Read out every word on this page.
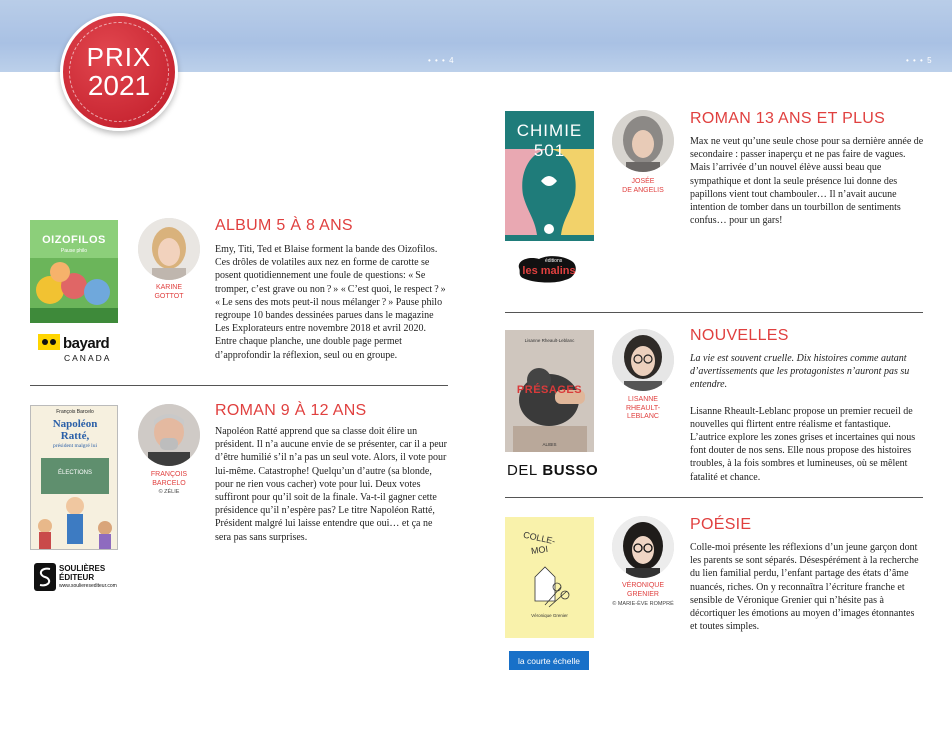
• • • 4	• • • 5
PRIX
2021
OIZOFILOS
Pause philo
bayard
CANADA
KARINE
GOTTOT
ALBUM 5 À 8 ANS

Emy, Titi, Ted et Blaise forment la bande des Oizofilos. Ces drôles de volatiles aux nez en forme de carotte se posent quotidiennement une foule de questions: « Se tromper, c’est grave ou non ? » « C’est quoi, le respect ? » « Le sens des mots peut-il nous mélanger ? » Pause philo regroupe 10 bandes dessinées parues dans le magazine Les Explorateurs entre novembre 2018 et avril 2020. Entre chaque planche, une double page permet d’approfondir la réflexion, seul ou en groupe.

François Barcelo
Napoléon
Ratté,
président malgré lui
ÉLECTIONS
SOULIÈRES
ÉDITEUR
www.soulieresediteur.com
FRANÇOIS
BARCELO
© ZÉLIE
ROMAN 9 À 12 ANS

Napoléon Ratté apprend que sa classe doit élire un président. Il n’a aucune envie de se présenter, car il a peur d’être humilié s’il n’a pas un seul vote. Alors, il vote pour lui-même. Catastrophe! Quelqu’un d’autre (sa blonde, pour ne rien vous cacher) vote pour lui. Deux votes suffiront pour qu’il soit de la finale. Va-t-il gagner cette présidence qu’il n’espère pas? Le titre Napoléon Ratté, Président malgré lui laisse entendre que oui… et ça ne sera pas sans surprises.

CHIMIE 501
éditions
les malins
JOSÉE
DE ANGELIS
ROMAN 13 ANS ET PLUS

Max ne veut qu’une seule chose pour sa dernière année de secondaire : passer inaperçu et ne pas faire de vagues. Mais l’arrivée d’un nouvel élève aussi beau que sympathique et dont la seule présence lui donne des papillons vient tout chambouler… Il n’avait aucune intention de tomber dans un tourbillon de sentiments confus… pour un gars!

Lisanne Rheault-Leblanc
PRÉSAGES
ALIBIS
DEL BUSSO
LISANNE
RHEAULT-
LEBLANC
NOUVELLES

La vie est souvent cruelle. Dix histoires comme autant d’avertissements que les protagonistes n’auront pas su entendre.

Lisanne Rheault-Leblanc propose un premier recueil de nouvelles qui flirtent entre réalisme et fantastique. L’autrice explore les zones grises et incertaines qui nous font douter de nos sens. Elle nous propose des histoires troubles, à la fois sombres et lumineuses, où se mêlent fatalité et chance.

COLLE-
MOI
Véronique Grenier
la courte échelle
VÉRONIQUE
GRENIER
© MARIE-ÈVE ROMPRÉ
POÉSIE

Colle-moi présente les réflexions d’un jeune garçon dont les parents se sont séparés. Désespérément à la recherche du lien familial perdu, l’enfant partage des états d’âme nuancés, riches. On y reconnaîtra l’écriture franche et sensible de Véronique Grenier qui n’hésite pas à décortiquer les émotions au moyen d’images étonnantes et toutes simples.
